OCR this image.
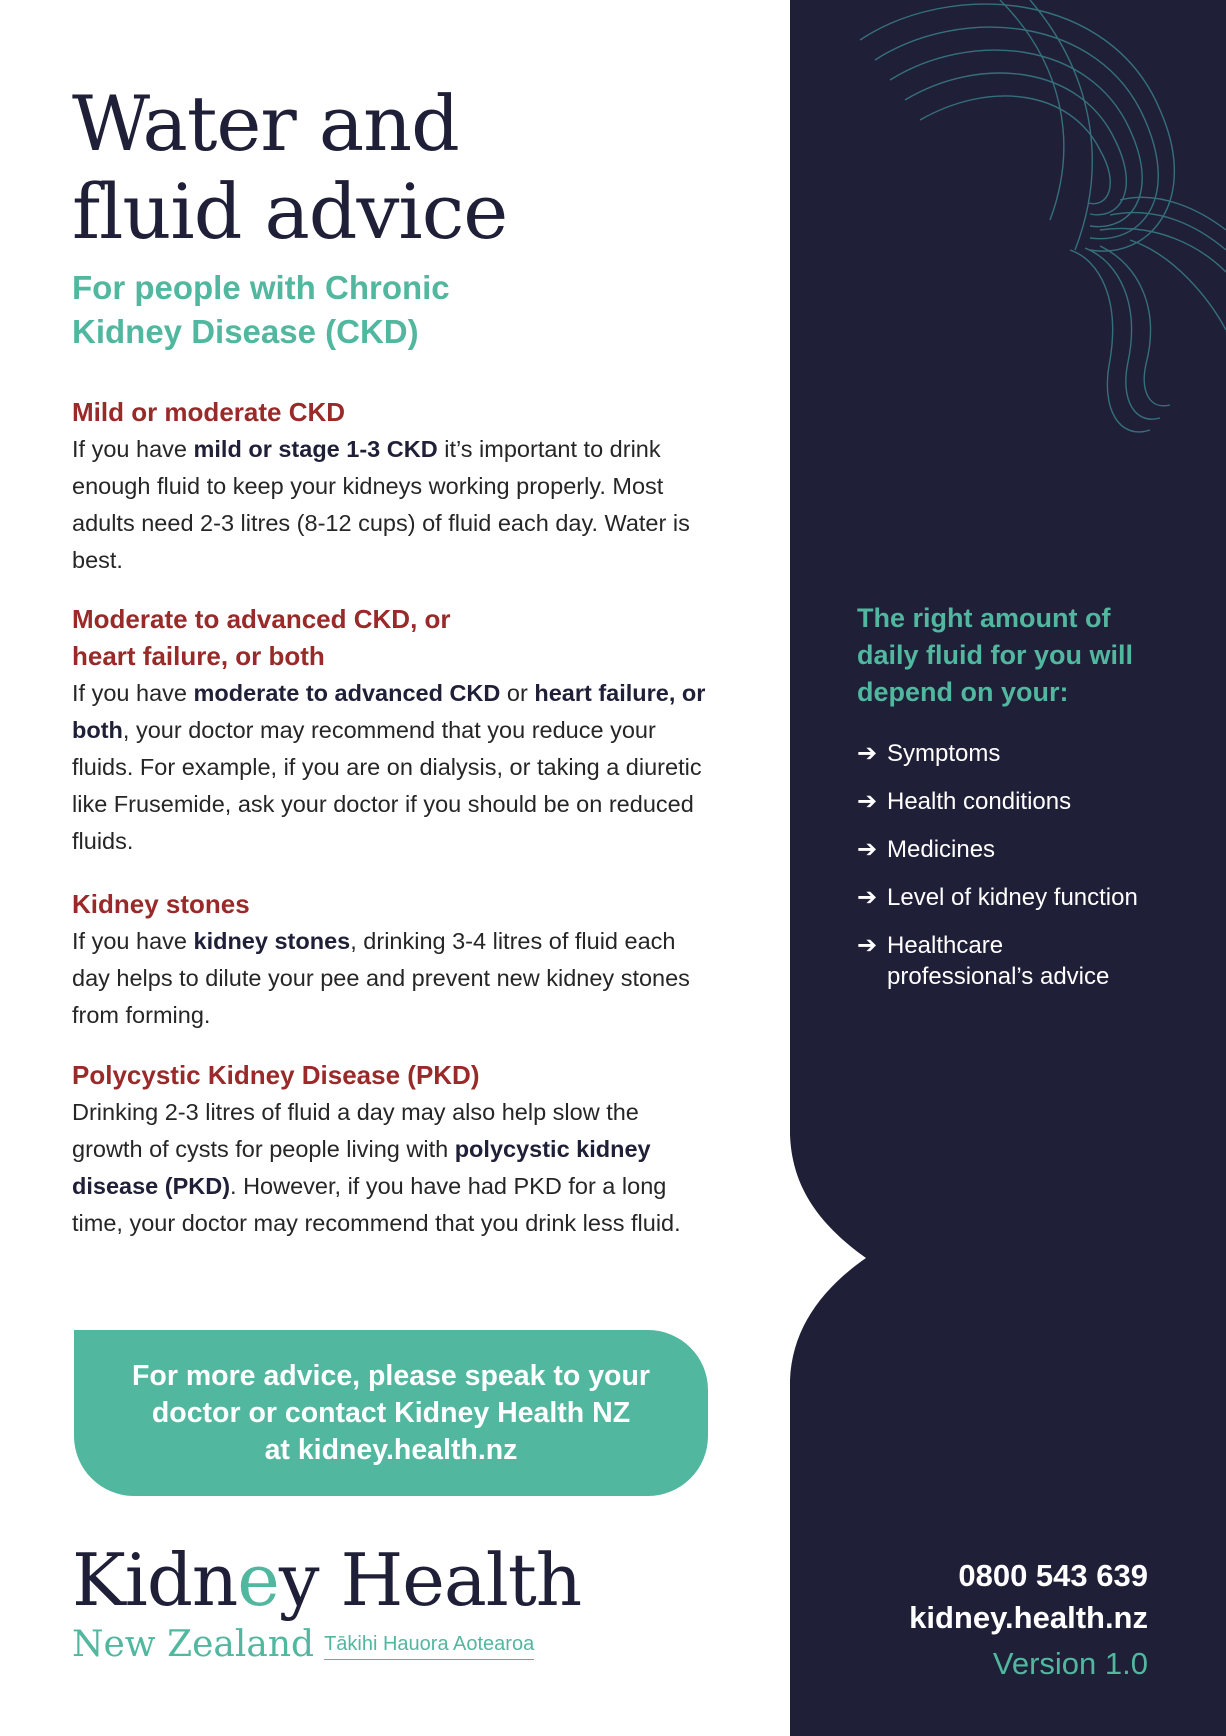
Water and
fluid advice
For people with Chronic
Kidney Disease (CKD)
Mild or moderate CKD

If you have mild or stage 1-3 CKD it’s important to drink enough fluid to keep your kidneys working properly. Most adults need 2-3 litres (8-12 cups) of fluid each day. Water is best.

Moderate to advanced CKD, or
heart failure, or both

If you have moderate to advanced CKD or heart failure, or both, your doctor may recommend that you reduce your fluids. For example, if you are on dialysis, or taking a diuretic like Frusemide, ask your doctor if you should be on reduced fluids.

Kidney stones

If you have kidney stones, drinking 3-4 litres of fluid each day helps to dilute your pee and prevent new kidney stones from forming.

Polycystic Kidney Disease (PKD)

Drinking 2-3 litres of fluid a day may also help slow the growth of cysts for people living with polycystic kidney disease (PKD). However, if you have had PKD for a long time, your doctor may recommend that you drink less fluid.

For more advice, please speak to your
doctor or contact Kidney Health NZ
at kidney.health.nz
Kidney Health
New Zealand Tākihi Hauora Aotearoa
The right amount of
daily fluid for you will
depend on your:
➔ Symptoms
➔ Health conditions
➔ Medicines
➔ Level of kidney function
➔ Healthcare
professional’s advice
0800 543 639
kidney.health.nz
Version 1.0
